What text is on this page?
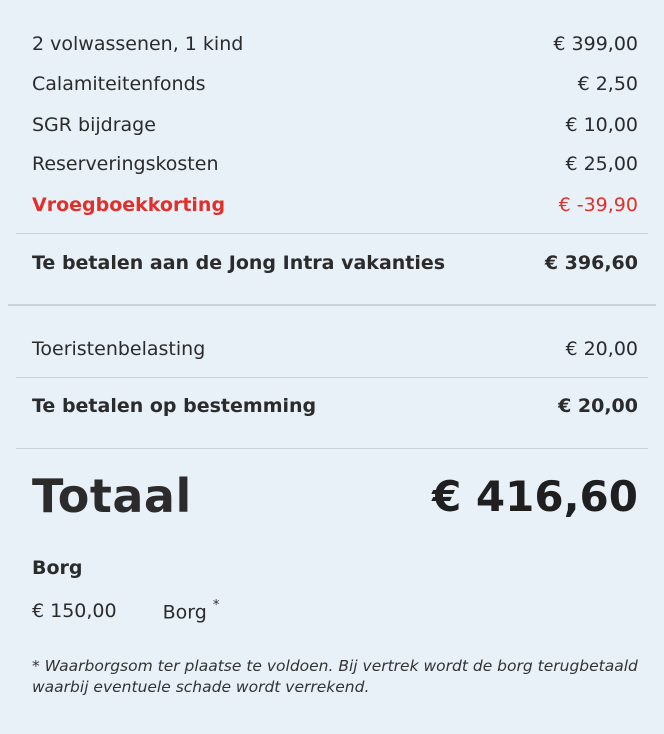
2 volwassenen, 1 kind	€ 399,00
Calamiteitenfonds	€ 2,50
SGR bijdrage	€ 10,00
Reserveringskosten	€ 25,00
Vroegboekkorting	€ -39,90
Te betalen aan de Jong Intra vakanties	€ 396,60
Toeristenbelasting	€ 20,00
Te betalen op bestemming	€ 20,00
Totaal	€ 416,60
Borg
€ 150,00 Borg *
* Waarborgsom ter plaatse te voldoen. Bij vertrek wordt de borg terugbetaald waarbij eventuele schade wordt verrekend.
